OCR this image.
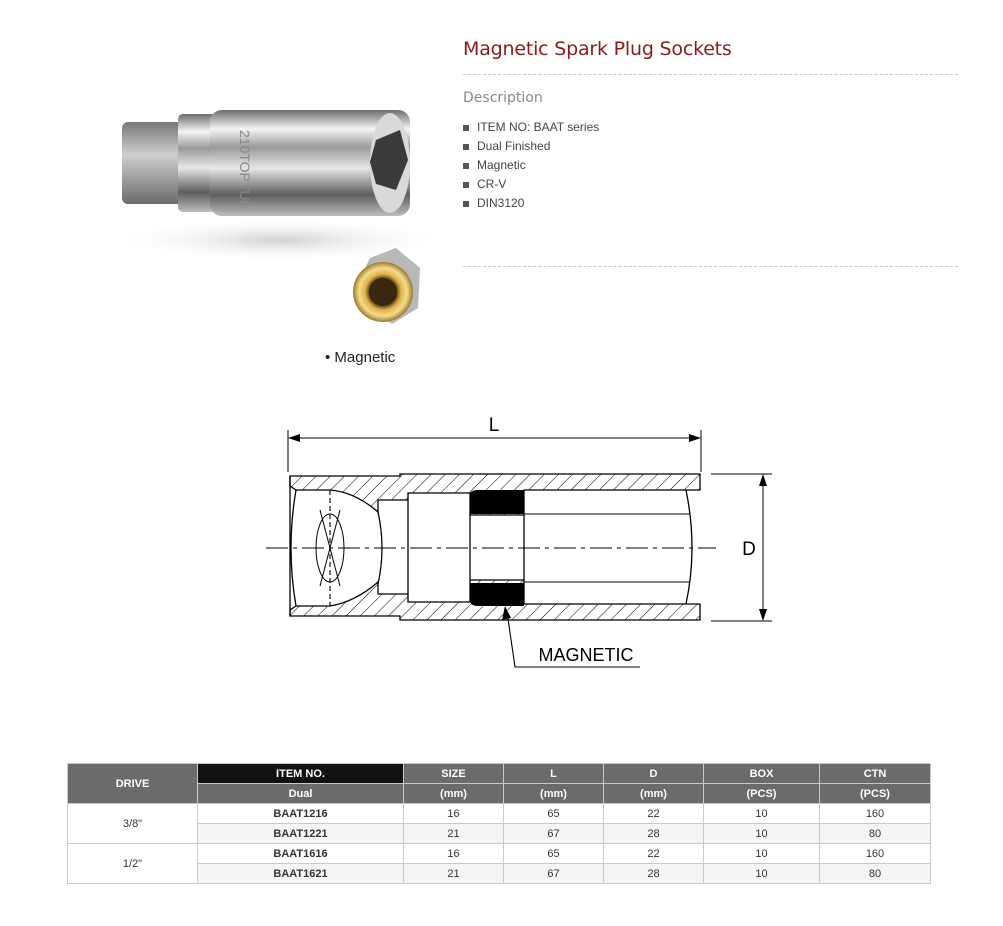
210TOPTUL
Magnetic Spark Plug Sockets
Description
ITEM NO: BAAT series
Dual Finished
Magnetic
CR-V
DIN3120
• Magnetic
L
D
MAGNETIC
DRIVE	ITEM NO.	SIZE	L	D	BOX	CTN
	Dual	(mm)	(mm)	(mm)	(PCS)	(PCS)
3/8"	BAAT1216	16	65	22	10	160
	BAAT1221	21	67	28	10	80
1/2"	BAAT1616	16	65	22	10	160
	BAAT1621	21	67	28	10	80
